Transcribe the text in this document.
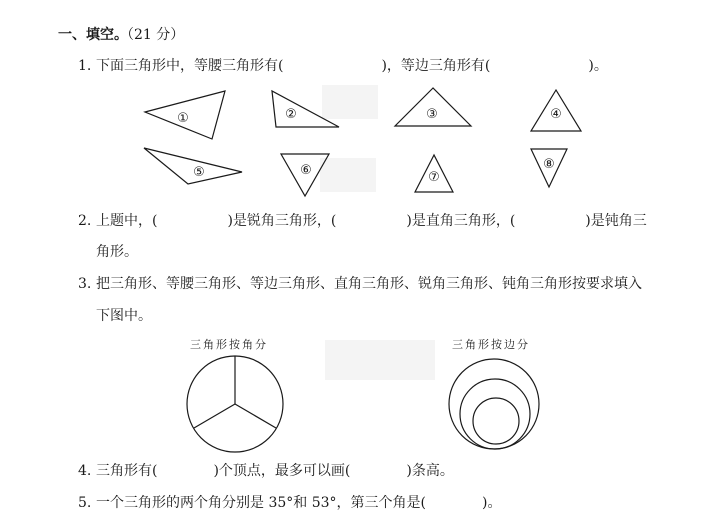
一、填空。
（21 分）
1. 下面三角形中，等腰三角形有(　　　　　　　)，等边三角形有(　　　　　　　)。
①	②	③	④
⑤	⑥	⑦
⑧
2. 上题中，(　　　　　)是锐角三角形，(　　　　　)是直角三角形，(　　　　　)是钝角三
角形。
3. 把三角形、等腰三角形、等边三角形、直角三角形、锐角三角形、钝角三角形按要求填入
下图中。
三角形按角分	三角形按边分
4. 三角形有(　　　　)个顶点，最多可以画(　　　　)条高。
5. 一个三角形的两个角分别是 35°和 53°，第三个角是(　　　　)。
